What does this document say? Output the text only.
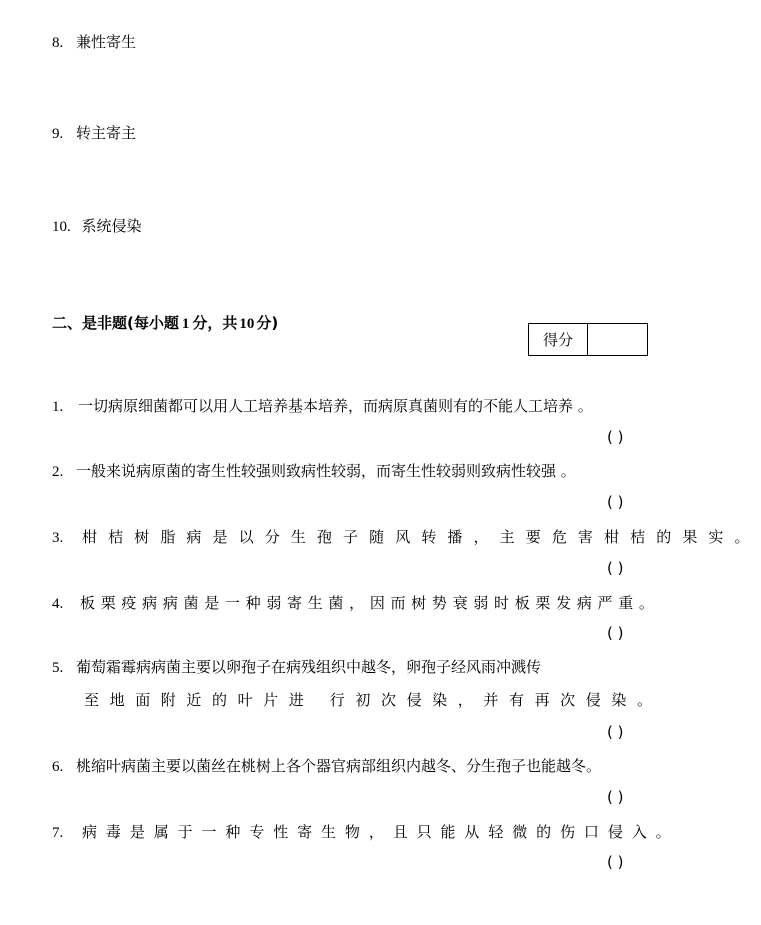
8. 兼性寄生
9. 转主寄主
10. 系统侵染
二、是非题(每小题 1 分，共 10 分)
得分
1. 一切病原细菌都可以用人工培养基本培养，而病原真菌则有的不能人工培养 。
( )
2. 一般来说病原菌的寄生性较强则致病性较弱，而寄生性较弱则致病性较强 。
( )
3. 柑桔树脂病是以分生孢子随风转播，主要危害柑桔的果实。
( )
4. 板栗疫病病菌是一种弱寄生菌，因而树势衰弱时板栗发病严重。
( )
5. 葡萄霜霉病病菌主要以卵孢子在病残组织中越冬，卵孢子经风雨冲溅传
至地面附近的叶片进 行初次侵染，并有再次侵染。
( )
6. 桃缩叶病菌主要以菌丝在桃树上各个器官病部组织内越冬、分生孢子也能越冬。
( )
7. 病毒是属于一种专性寄生物，且只能从轻微的伤口侵入。
( )
